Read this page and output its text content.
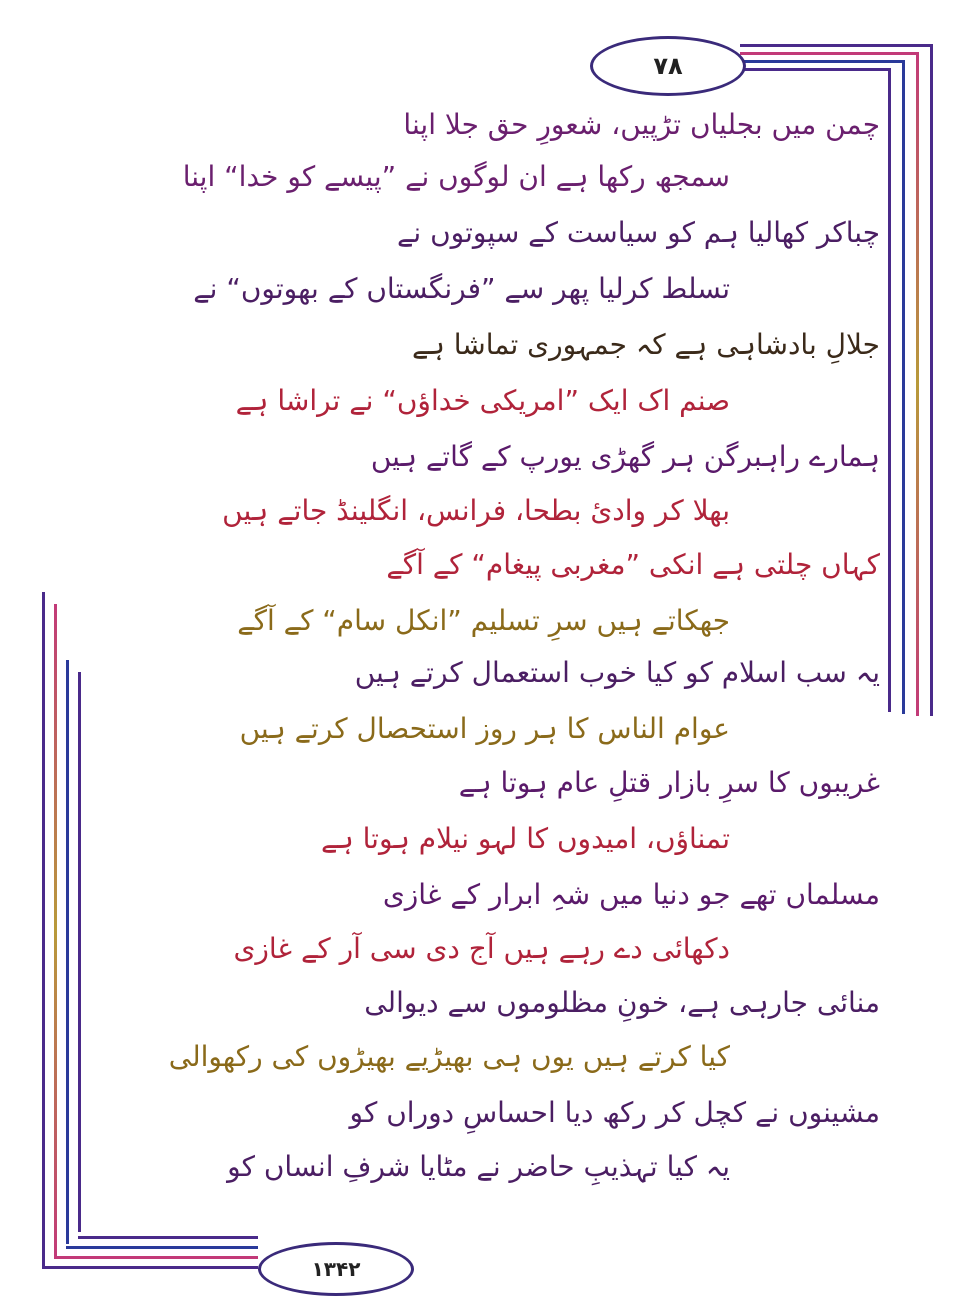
۷۸
۱۳۴۲
چمن میں بجلیاں تڑپیں، شعورِ حق جلا اپنا
سمجھ رکھا ہے ان لوگوں نے ”پیسے کو خدا“ اپنا
چباکر کھالیا ہم کو سیاست کے سپوتوں نے
تسلط کرلیا پھر سے ”فرنگستاں کے بھوتوں“ نے
جلالِ بادشاہی ہے کہ جمہوری تماشا ہے
صنم اک ایک ”امریکی خداؤں“ نے تراشا ہے
ہمارے راہبرگن ہر گھڑی یورپ کے گاتے ہیں
بھلا کر وادیٔ بطحا، فرانس، انگلینڈ جاتے ہیں
کہاں چلتی ہے انکی ”مغربی پیغام“ کے آگے
جھکاتے ہیں سرِ تسلیم ”انکل سام“ کے آگے
یہ سب اسلام کو کیا خوب استعمال کرتے ہیں
عوام الناس کا ہر روز استحصال کرتے ہیں
غریبوں کا سرِ بازار قتلِ عام ہوتا ہے
تمناؤں، امیدوں کا لہو نیلام ہوتا ہے
مسلماں تھے جو دنیا میں شہِ ابرار کے غازی
دکھائی دے رہے ہیں آج دی سی آر کے غازی
منائی جارہی ہے، خونِ مظلوموں سے دیوالی
کیا کرتے ہیں یوں ہی بھیڑیے بھیڑوں کی رکھوالی
مشینوں نے کچل کر رکھ دیا احساسِ دوراں کو
یہ کیا تہذیبِ حاضر نے مٹایا شرفِ انساں کو
